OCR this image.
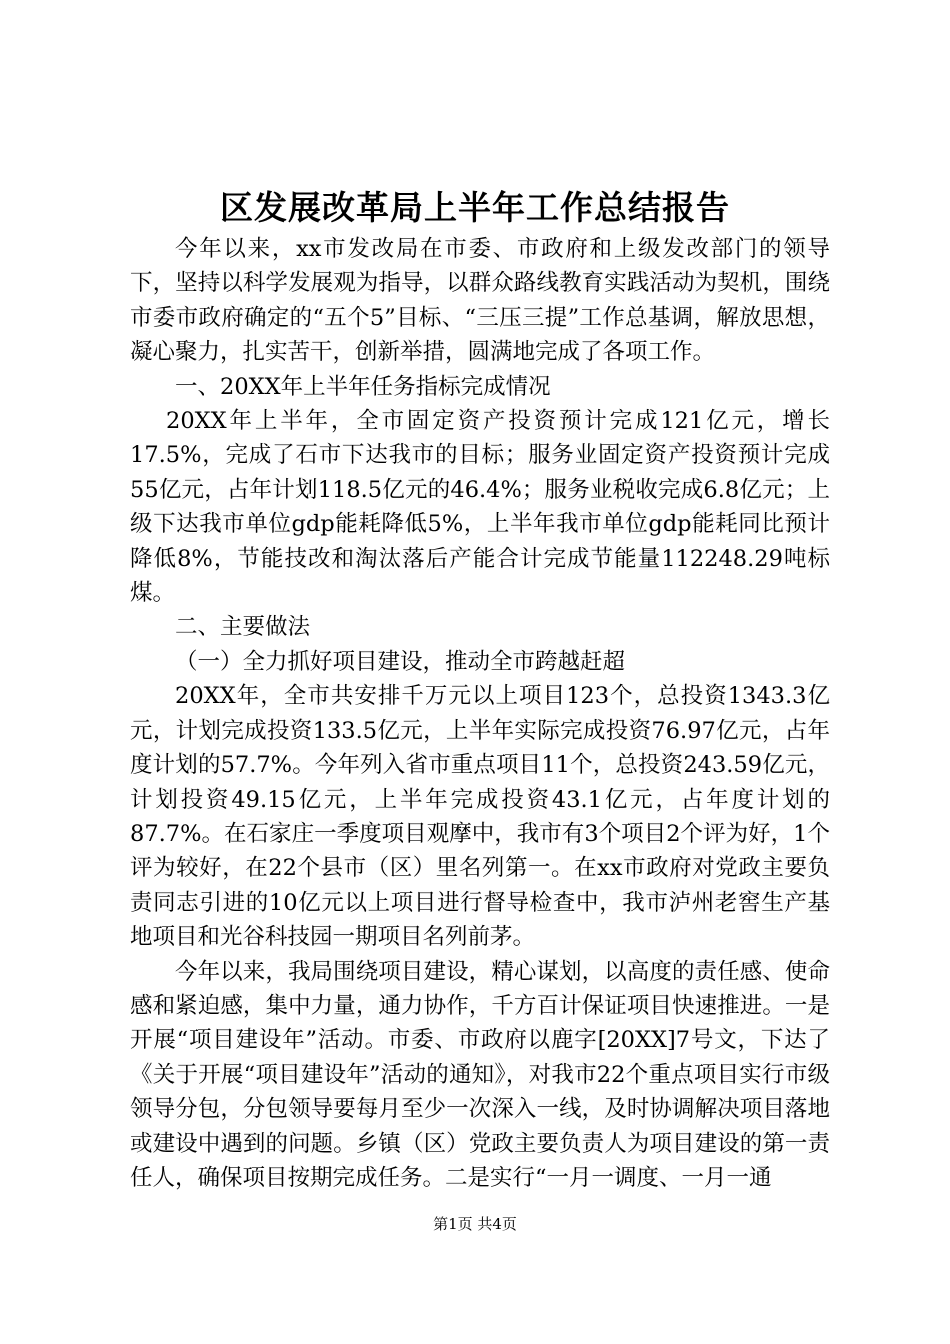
区发展改革局上半年工作总结报告

今年以来，xx市发改局在市委、市政府和上级发改部门的领导下，坚持以科学发展观为指导，以群众路线教育实践活动为契机，围绕市委市政府确定的“五个5”目标、“三压三提”工作总基调，解放思想，凝心聚力，扎实苦干，创新举措，圆满地完成了各项工作。

一、20XX年上半年任务指标完成情况

20XX年上半年，全市固定资产投资预计完成121亿元，增长17.5%，完成了石市下达我市的目标；服务业固定资产投资预计完成55亿元，占年计划118.5亿元的46.4%；服务业税收完成6.8亿元；上级下达我市单位gdp能耗降低5%，上半年我市单位gdp能耗同比预计降低8%，节能技改和淘汰落后产能合计完成节能量112248.29吨标煤。

二、主要做法

（一）全力抓好项目建设，推动全市跨越赶超

20XX年，全市共安排千万元以上项目123个，总投资1343.3亿元，计划完成投资133.5亿元，上半年实际完成投资76.97亿元，占年度计划的57.7%。今年列入省市重点项目11个，总投资243.59亿元，计划投资49.15亿元，上半年完成投资43.1亿元，占年度计划的87.7%。在石家庄一季度项目观摩中，我市有3个项目2个评为好，1个评为较好，在22个县市（区）里名列第一。在xx市政府对党政主要负责同志引进的10亿元以上项目进行督导检查中，我市泸州老窖生产基地项目和光谷科技园一期项目名列前茅。

今年以来，我局围绕项目建设，精心谋划，以高度的责任感、使命感和紧迫感，集中力量，通力协作，千方百计保证项目快速推进。一是开展“项目建设年”活动。市委、市政府以鹿字[20XX]7号文，下达了《关于开展“项目建设年”活动的通知》，对我市22个重点项目实行市级领导分包，分包领导要每月至少一次深入一线，及时协调解决项目落地或建设中遇到的问题。乡镇（区）党政主要负责人为项目建设的第一责任人，确保项目按期完成任务。二是实行“一月一调度、一月一通

第1页 共4页
